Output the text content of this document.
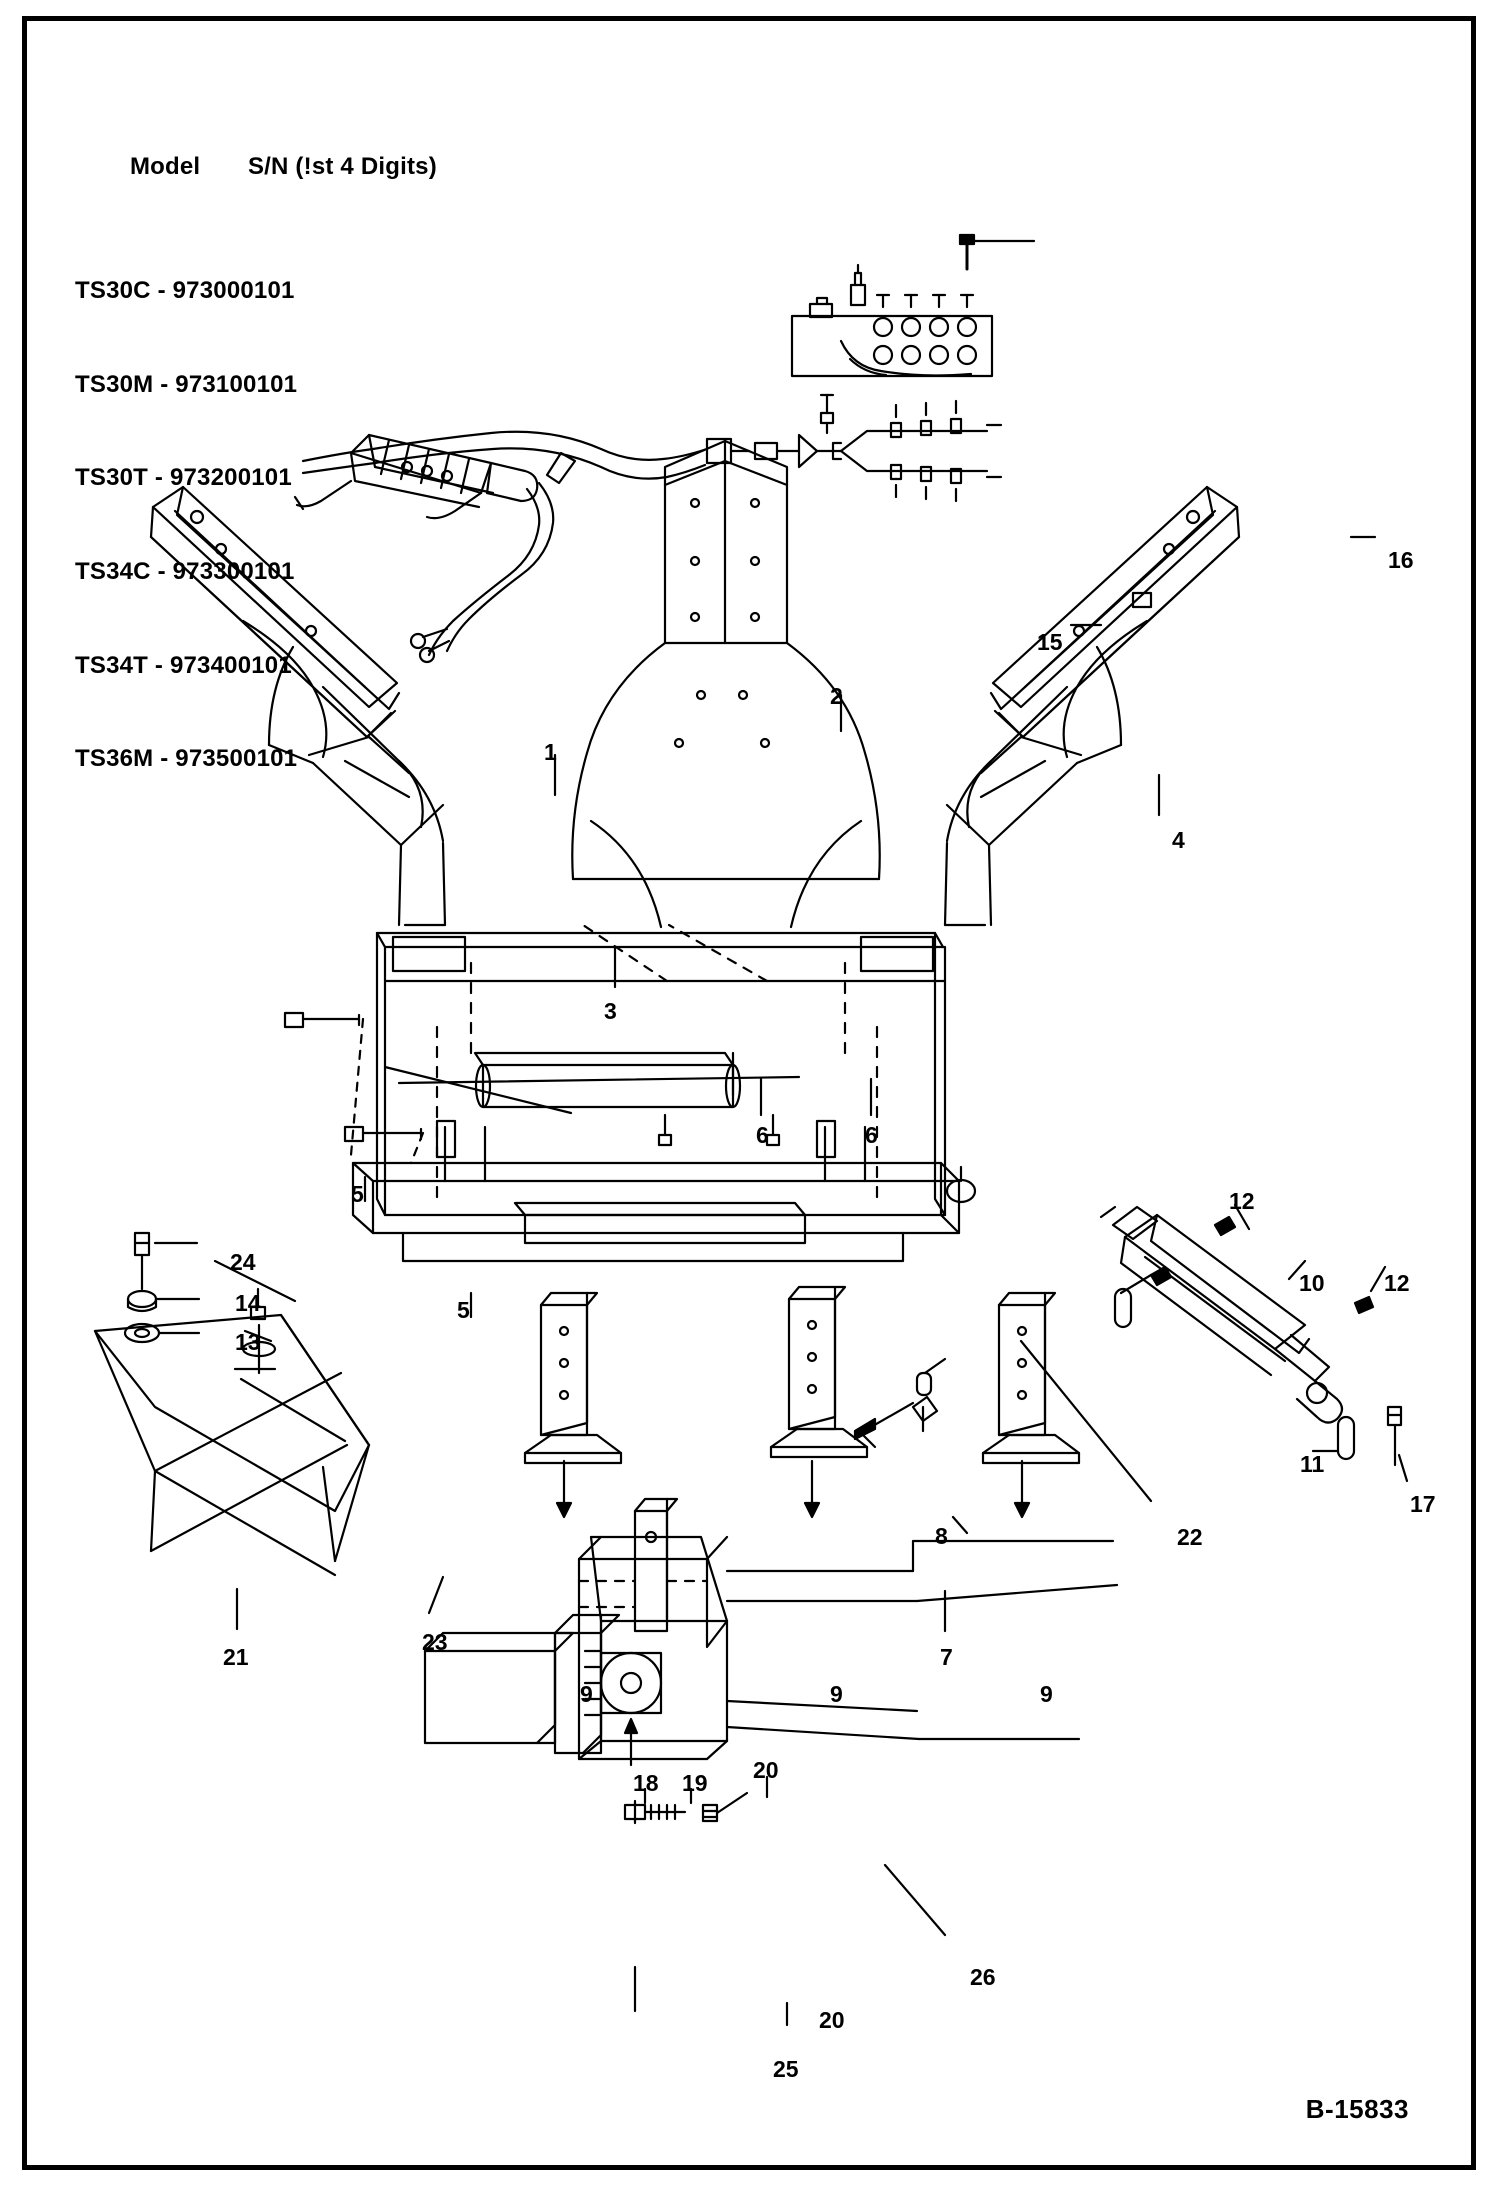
Model S/N (!st 4 Digits)

TS30C - 973000101

TS30M - 973100101

TS30T - 973200101

TS34C - 973300101

TS34T - 973400101

TS36M - 973500101

16
15
2
1
4
3
6	6
12
5
24
10	12
14
13
5
11
17
22
8
21
23
7
9	9	9
18 19 20
26
20
25
B-15833
